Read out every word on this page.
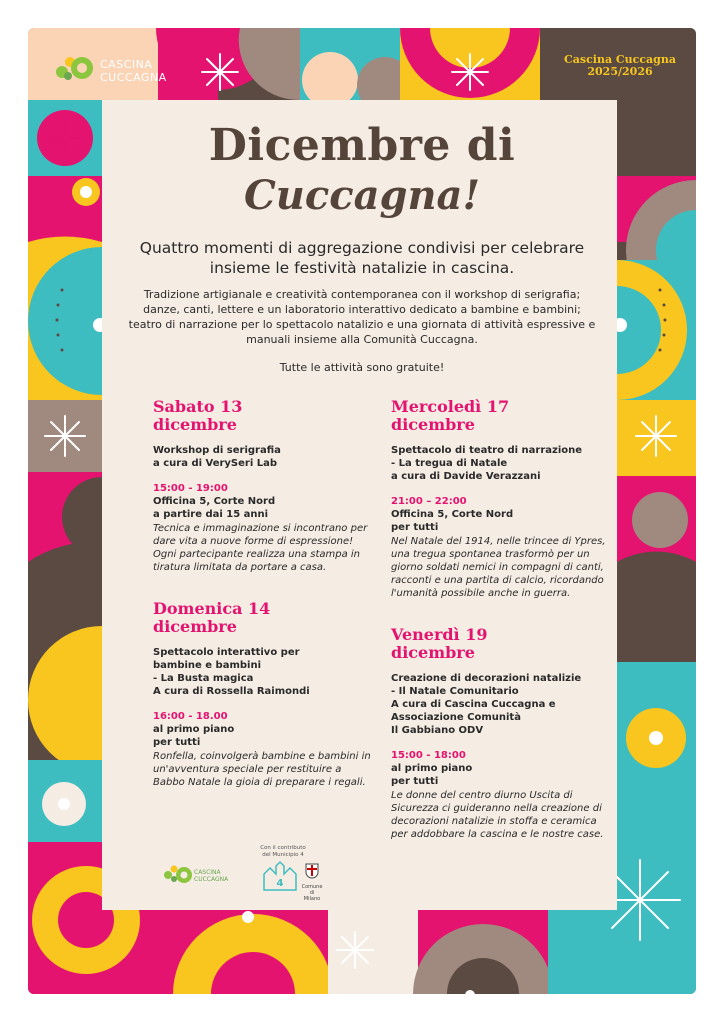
CASCINA
CUCCAGNA
Cascina Cuccagna
2025/2026
Dicembre di
Cuccagna!
Quattro momenti di aggregazione condivisi per celebrare insieme le festività natalizie in cascina.
Tradizione artigianale e creatività contemporanea con il workshop di serigrafia; danze, canti, lettere e un laboratorio interattivo dedicato a bambine e bambini; teatro di narrazione per lo spettacolo natalizio e una giornata di attività espressive e manuali insieme alla Comunità Cuccagna.
Tutte le attività sono gratuite!
Sabato 13
dicembre
Workshop di serigrafia
a cura di VerySeri Lab
15:00 - 19:00
Officina 5, Corte Nord
a partire dai 15 anni
Tecnica e immaginazione si incontrano per dare vita a nuove forme di espressione! Ogni partecipante realizza una stampa in tiratura limitata da portare a casa.
Domenica 14
dicembre
Spettacolo interattivo per
bambine e bambini
- La Busta magica
A cura di Rossella Raimondi
16:00 - 18.00
al primo piano
per tutti
Ronfella, coinvolgerà bambine e bambini in un'avventura speciale per restituire a Babbo Natale la gioia di preparare i regali.
Mercoledì 17
dicembre
Spettacolo di teatro di narrazione
- La tregua di Natale
a cura di Davide Verazzani
21:00 – 22:00
Officina 5, Corte Nord
per tutti
Nel Natale del 1914, nelle trincee di Ypres, una tregua spontanea trasformò per un giorno soldati nemici in compagni di canti, racconti e una partita di calcio, ricordando l'umanità possibile anche in guerra.
Venerdì 19
dicembre
Creazione di decorazioni natalizie
- Il Natale Comunitario
A cura di Cascina Cuccagna e
Associazione Comunità
Il Gabbiano ODV
15:00 - 18:00
al primo piano
per tutti
Le donne del centro diurno Uscita di Sicurezza ci guideranno nella creazione di decorazioni natalizie in stoffa e ceramica per addobbare la cascina e le nostre case.
CASCINA
CUCCAGNA
Con il contributo del Municipio 4
4	Comune di
Milano
